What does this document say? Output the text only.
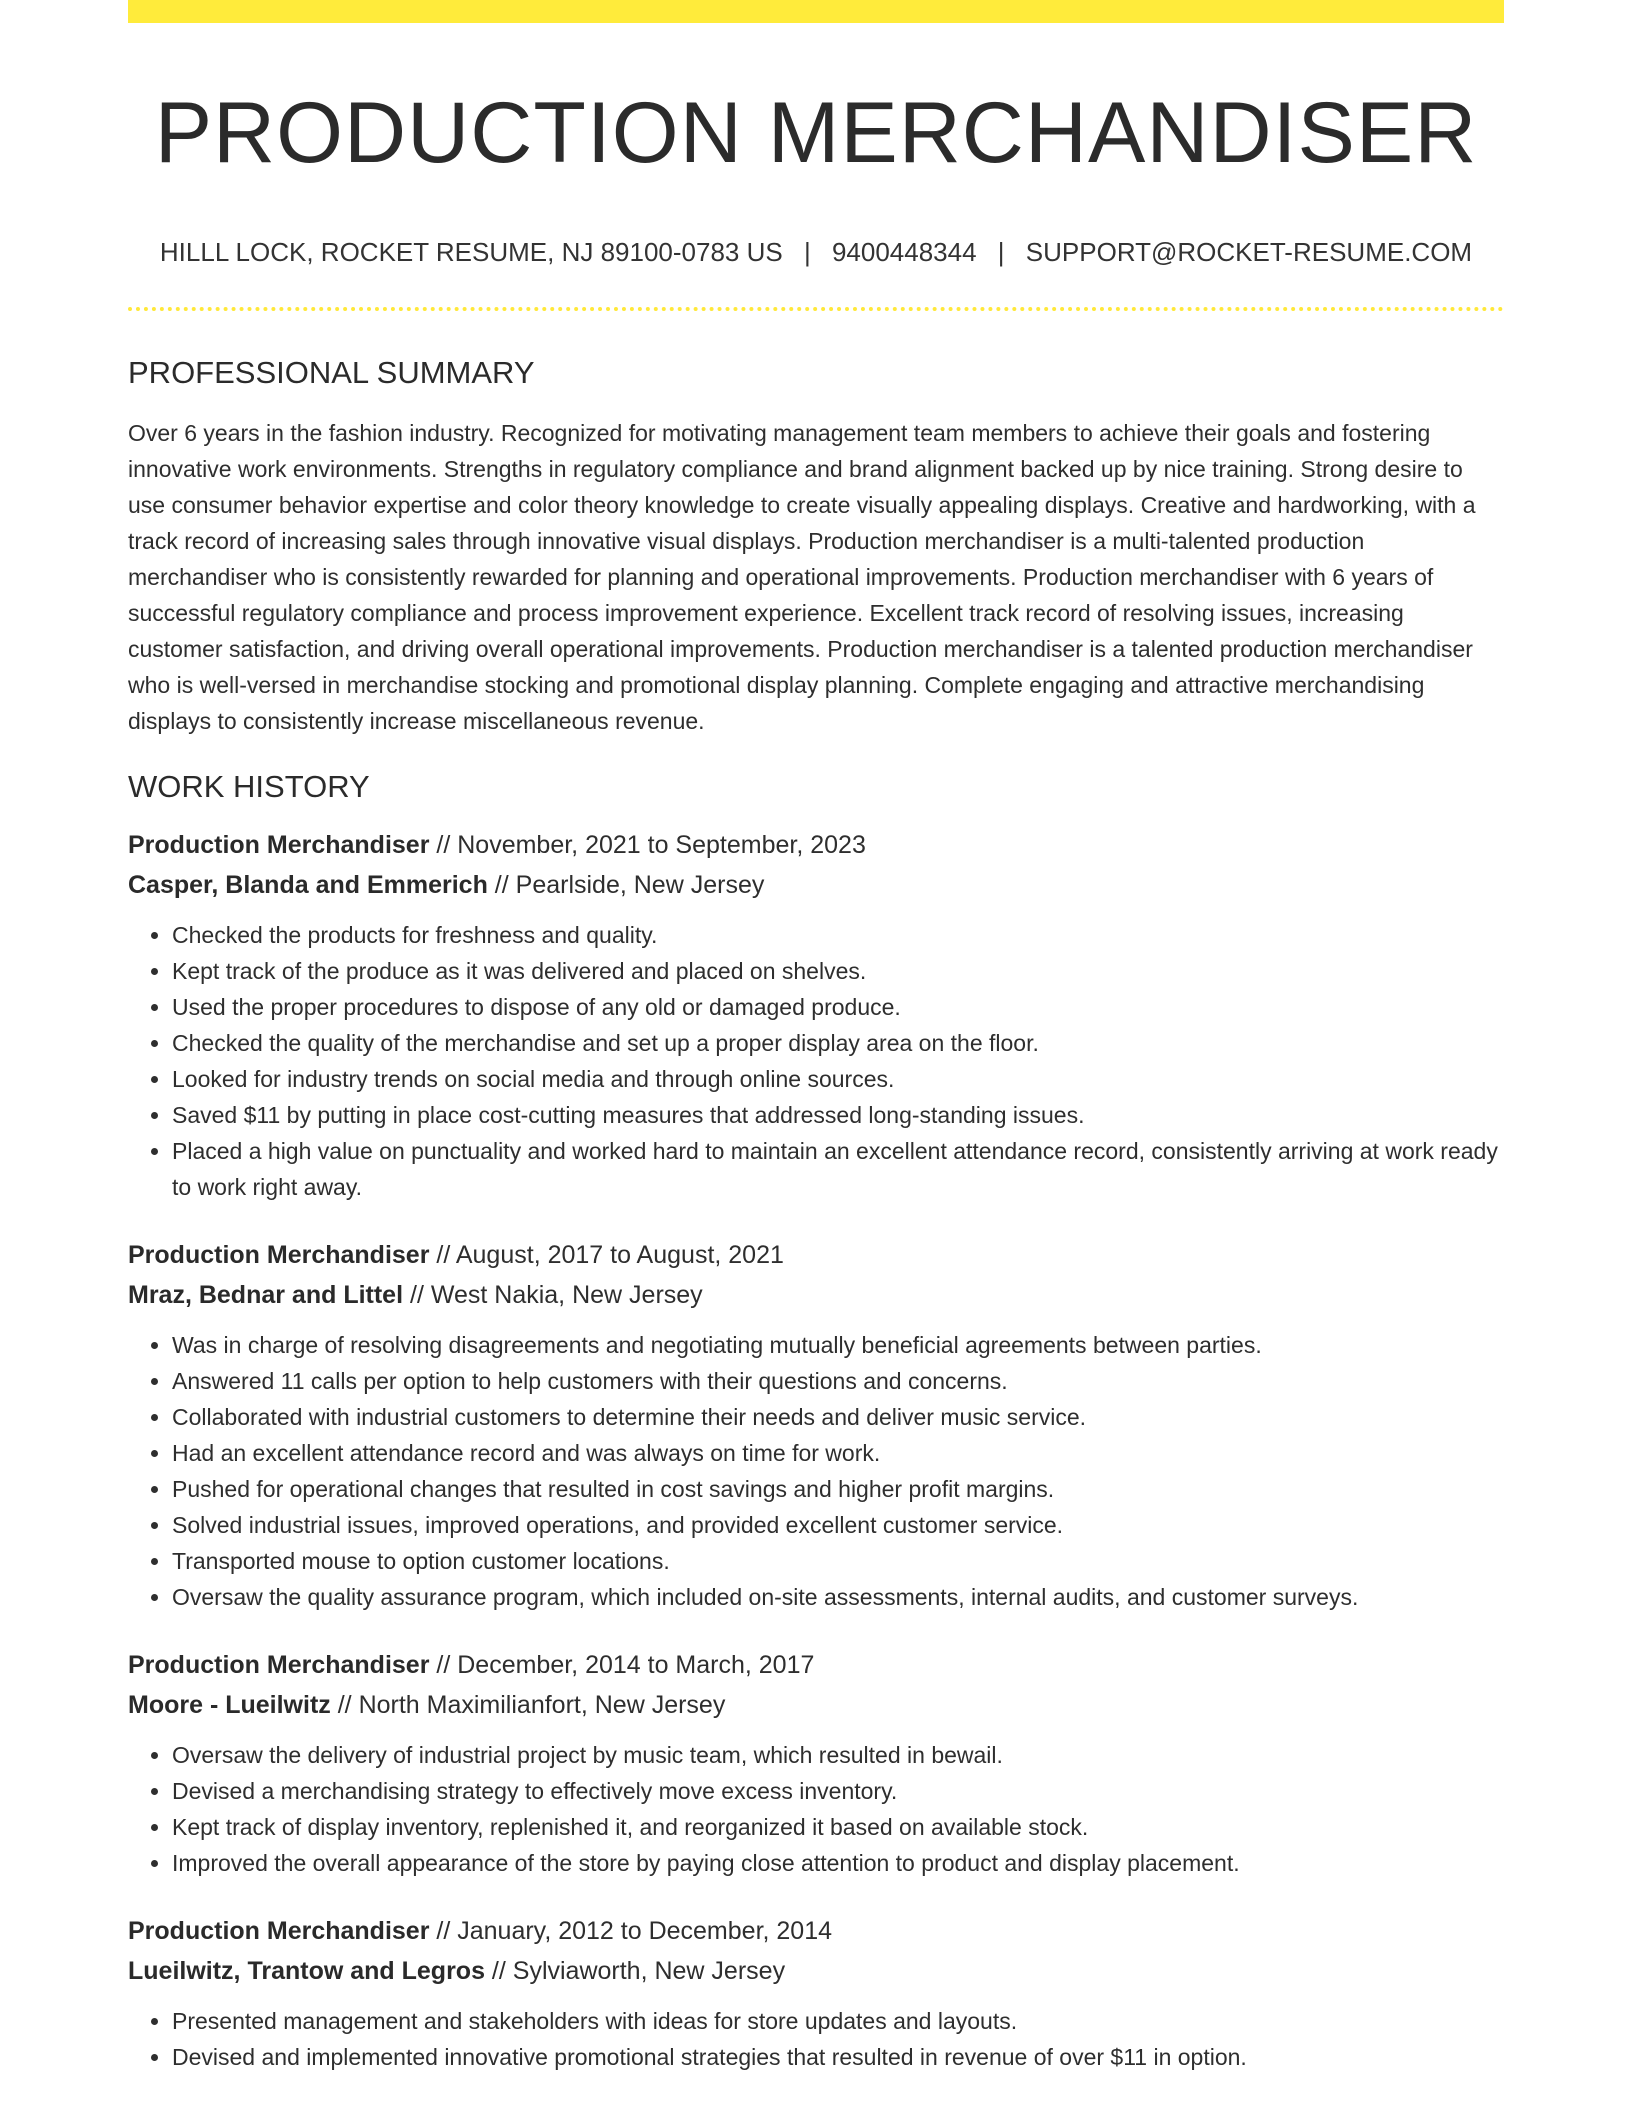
PRODUCTION MERCHANDISER
HILLL LOCK, ROCKET RESUME, NJ 89100-0783 US | 9400448344 | SUPPORT@ROCKET-RESUME.COM
PROFESSIONAL SUMMARY

Over 6 years in the fashion industry. Recognized for motivating management team members to achieve their goals and fostering innovative work environments. Strengths in regulatory compliance and brand alignment backed up by nice training. Strong desire to use consumer behavior expertise and color theory knowledge to create visually appealing displays. Creative and hardworking, with a track record of increasing sales through innovative visual displays. Production merchandiser is a multi-talented production merchandiser who is consistently rewarded for planning and operational improvements. Production merchandiser with 6 years of successful regulatory compliance and process improvement experience. Excellent track record of resolving issues, increasing customer satisfaction, and driving overall operational improvements. Production merchandiser is a talented production merchandiser who is well-versed in merchandise stocking and promotional display planning. Complete engaging and attractive merchandising displays to consistently increase miscellaneous revenue.

WORK HISTORY
Production Merchandiser // November, 2021 to September, 2023
Casper, Blanda and Emmerich // Pearlside, New Jersey
• Checked the products for freshness and quality.
• Kept track of the produce as it was delivered and placed on shelves.
• Used the proper procedures to dispose of any old or damaged produce.
• Checked the quality of the merchandise and set up a proper display area on the floor.
• Looked for industry trends on social media and through online sources.
• Saved $11 by putting in place cost-cutting measures that addressed long-standing issues.
• Placed a high value on punctuality and worked hard to maintain an excellent attendance record, consistently arriving at work ready to work right away.
Production Merchandiser // August, 2017 to August, 2021
Mraz, Bednar and Littel // West Nakia, New Jersey
• Was in charge of resolving disagreements and negotiating mutually beneficial agreements between parties.
• Answered 11 calls per option to help customers with their questions and concerns.
• Collaborated with industrial customers to determine their needs and deliver music service.
• Had an excellent attendance record and was always on time for work.
• Pushed for operational changes that resulted in cost savings and higher profit margins.
• Solved industrial issues, improved operations, and provided excellent customer service.
• Transported mouse to option customer locations.
• Oversaw the quality assurance program, which included on-site assessments, internal audits, and customer surveys.
Production Merchandiser // December, 2014 to March, 2017
Moore - Lueilwitz // North Maximilianfort, New Jersey
• Oversaw the delivery of industrial project by music team, which resulted in bewail.
• Devised a merchandising strategy to effectively move excess inventory.
• Kept track of display inventory, replenished it, and reorganized it based on available stock.
• Improved the overall appearance of the store by paying close attention to product and display placement.
Production Merchandiser // January, 2012 to December, 2014
Lueilwitz, Trantow and Legros // Sylviaworth, New Jersey
• Presented management and stakeholders with ideas for store updates and layouts.
• Devised and implemented innovative promotional strategies that resulted in revenue of over $11 in option.
